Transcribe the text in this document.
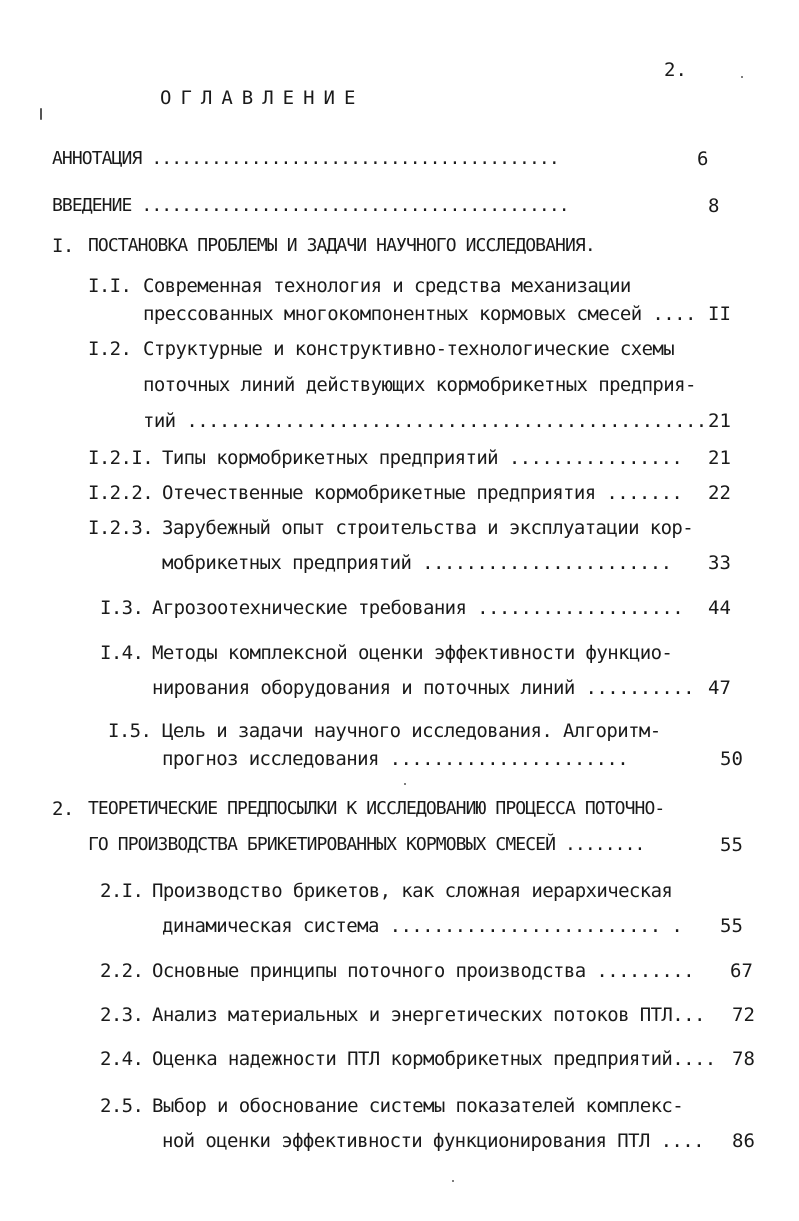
2.
ОГЛАВЛЕНИЕ
АННОТАЦИЯ .........................................	6
ВВЕДЕНИЕ ...........................................	8
I. ПОСТАНОВКА ПРОБЛЕМЫ И ЗАДАЧИ НАУЧНОГО ИССЛЕДОВАНИЯ.
I.I. Современная технология и средства механизации
прессованных многокомпонентных кормовых смесей .... II
I.2. Структурные и конструктивно-технологические схемы
поточных линий действующих кормобрикетных предприя-
тий ................................................ 21
I.2.I. Типы кормобрикетных предприятий ................ 21
I.2.2. Отечественные кормобрикетные предприятия ....... 22
I.2.3. Зарубежный опыт строительства и эксплуатации кор-
мобрикетных предприятий ....................... 33
I.3. Агрозоотехнические требования ................... 44
I.4. Методы комплексной оценки эффективности функцио-
нирования оборудования и поточных линий .......... 47
I.5. Цель и задачи научного исследования. Алгоритм-
прогноз исследования ......................	50
2. ТЕОРЕТИЧЕСКИЕ ПРЕДПОСЫЛКИ К ИССЛЕДОВАНИЮ ПРОЦЕССА ПОТОЧНО-
ГО ПРОИЗВОДСТВА БРИКЕТИРОВАННЫХ КОРМОВЫХ СМЕСЕЙ ........	55
2.I. Производство брикетов, как сложная иерархическая
динамическая система ......................... . 55
2.2. Основные принципы поточного производства ......... 67
2.3. Анализ материальных и энергетических потоков ПТЛ... 72
2.4. Оценка надежности ПТЛ кормобрикетных предприятий.... 78
2.5. Выбор и обоснование системы показателей комплекс-
ной оценки эффективности функционирования ПТЛ .... 86
